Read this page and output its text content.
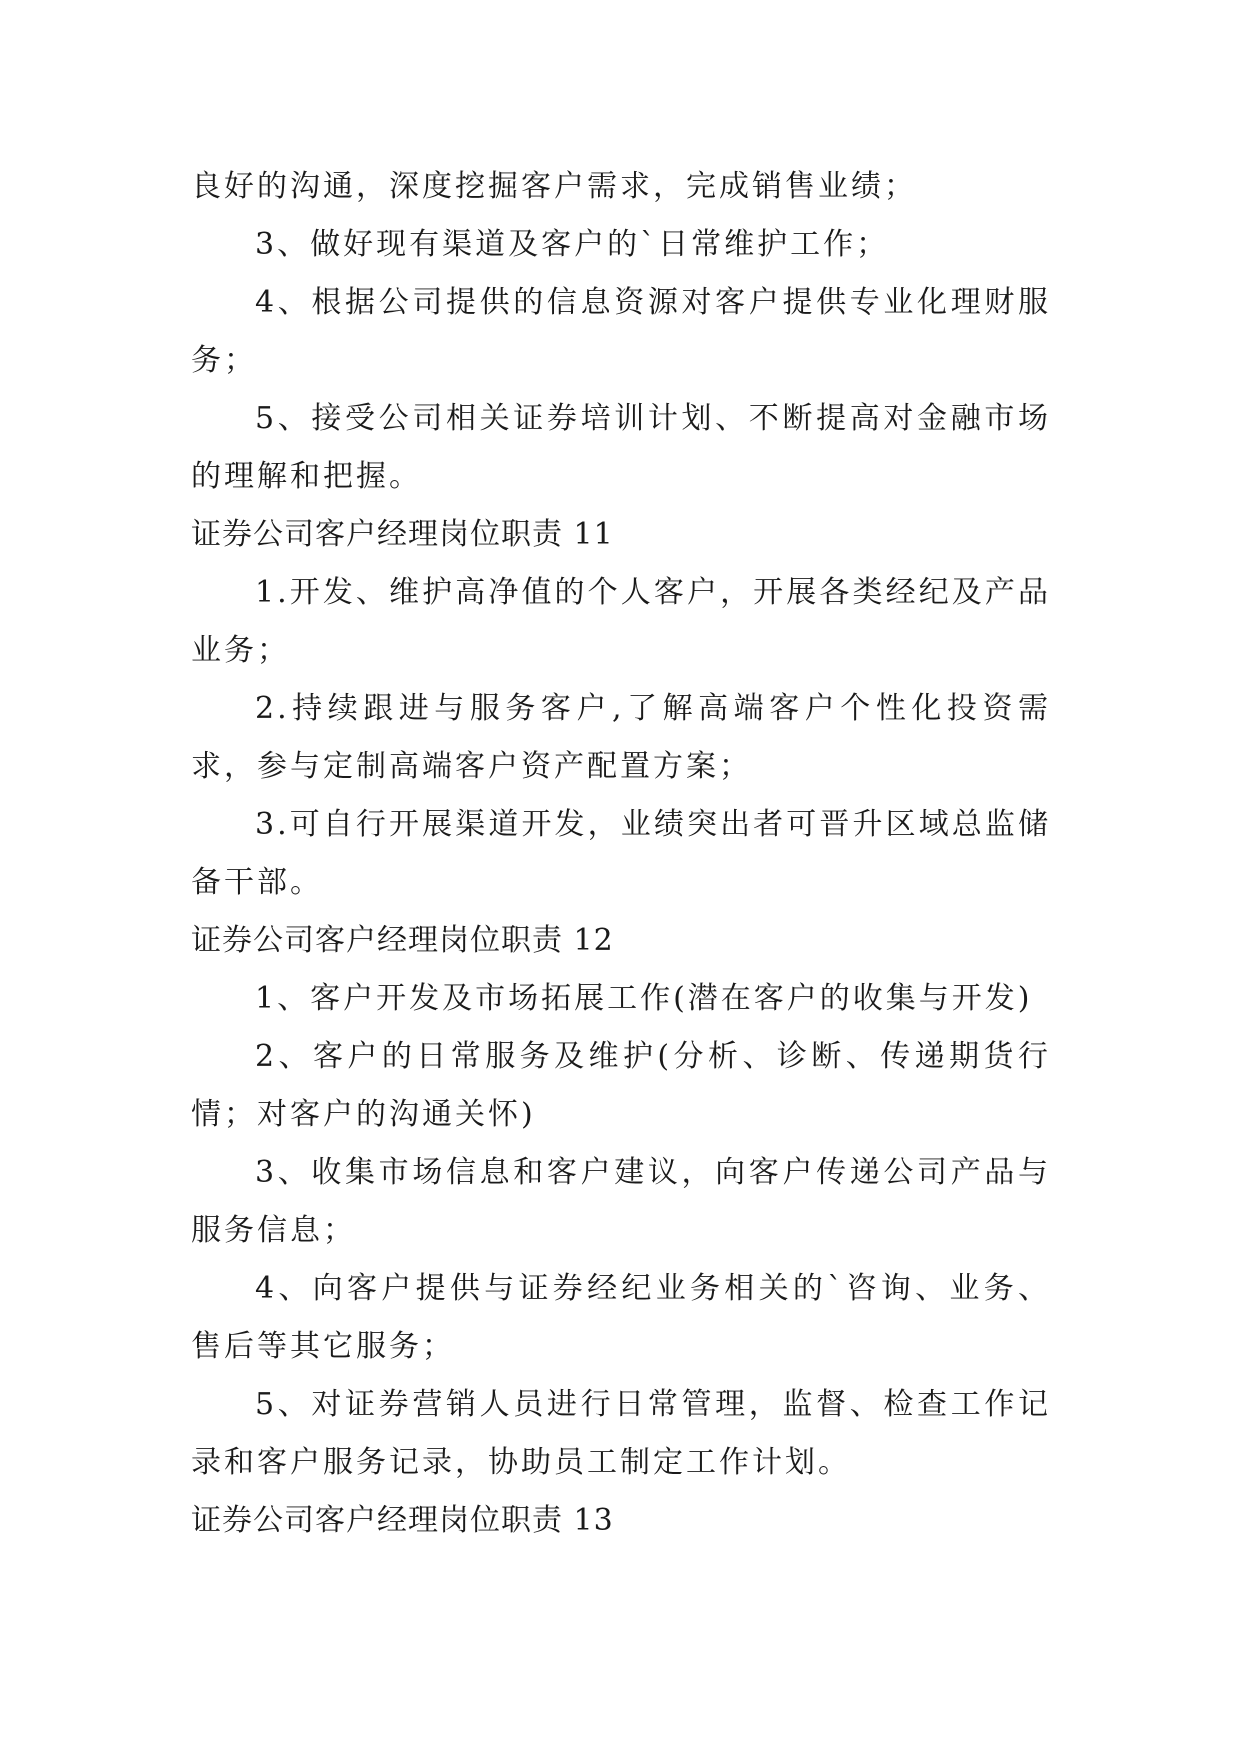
良好的沟通，深度挖掘客户需求，完成销售业绩；

3、做好现有渠道及客户的`日常维护工作；

4、根据公司提供的信息资源对客户提供专业化理财服务；

5、接受公司相关证券培训计划、不断提高对金融市场的理解和把握。

证券公司客户经理岗位职责 11

1.开发、维护高净值的个人客户，开展各类经纪及产品业务；

2.持续跟进与服务客户,了解高端客户个性化投资需求，参与定制高端客户资产配置方案；

3.可自行开展渠道开发，业绩突出者可晋升区域总监储备干部。

证券公司客户经理岗位职责 12

1、客户开发及市场拓展工作(潜在客户的收集与开发)

2、客户的日常服务及维护(分析、诊断、传递期货行情；对客户的沟通关怀)

3、收集市场信息和客户建议，向客户传递公司产品与服务信息；

4、向客户提供与证券经纪业务相关的`咨询、业务、售后等其它服务；

5、对证券营销人员进行日常管理，监督、检查工作记录和客户服务记录，协助员工制定工作计划。

证券公司客户经理岗位职责 13
